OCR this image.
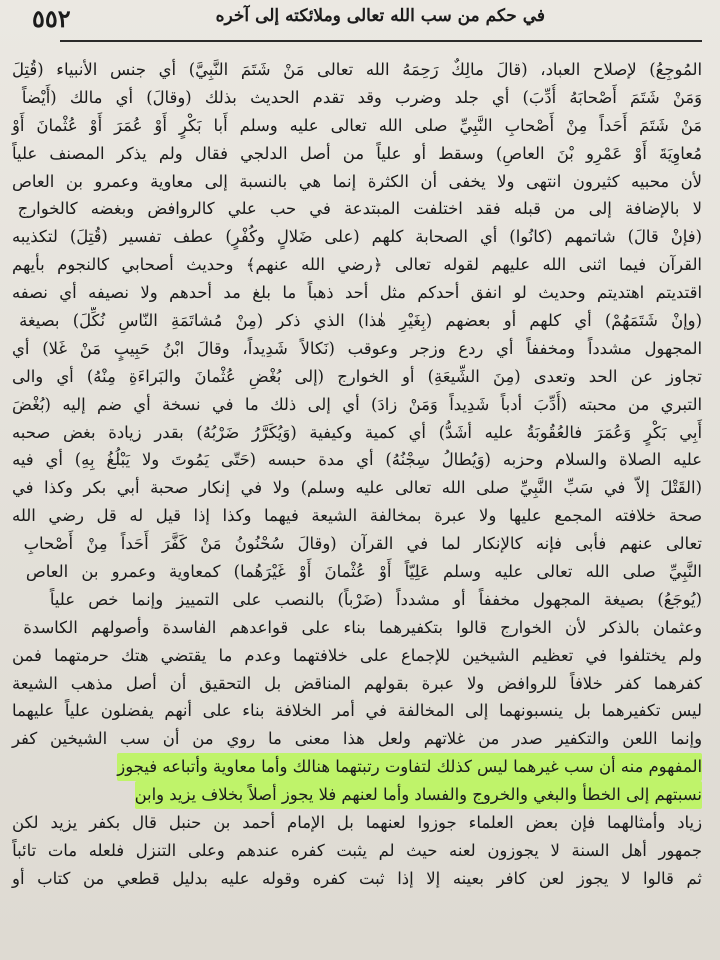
في حكم من سب الله تعالى وملائكته إلى آخره
٥٥٢
المُوجِعُ) لإصلاح العباد، (قالَ مالِكٌ رَحِمَهُ الله تعالى مَنْ شَتَمَ النَّبِيَّ) أي جنس الأنبياء (قُتِلَ
وَمَنْ شَتَمَ أَصْحابَهُ أُدِّبَ) أي جلد وضرب وقد تقدم الحديث بذلك (وقالَ) أي مالك (أَيْضاً
مَنْ شَتَمَ أَحَداً مِنْ أَصْحابِ النَّبِيِّ صلى الله تعالى عليه وسلم أَبا بَكْرٍ أَوْ عُمَرَ أَوْ عُثْمانَ أَوْ
مُعاوِيَةَ أَوْ عَمْرِو بْنَ العاصِ) وسقط أو علياً من أصل الدلجي فقال ولم يذكر المصنف علياً
لأن محبيه كثيرون انتهى ولا يخفى أن الكثرة إنما هي بالنسبة إلى معاوية وعمرو بن العاص
لا بالإضافة إلى من قبله فقد اختلفت المبتدعة في حب علي كالروافض وبغضه كالخوارج
(فإنْ قالَ) شاتمهم (كانُوا) أي الصحابة كلهم (على ضَلالٍ وكُفْرٍ) عطف تفسير (قُتِلَ) لتكذيبه
القرآن فيما اثنى الله عليهم لقوله تعالى ﴿رضي الله عنهم﴾ وحديث أصحابي كالنجوم بأيهم
اقتديتم اهتديتم وحديث لو انفق أحدكم مثل أحد ذهباً ما بلغ مد أحدهم ولا نصيفه أي نصفه
(وإنْ شَتَمَهُمْ) أي كلهم أو بعضهم (بِغَيْرِ هٰذا) الذي ذكر (مِنْ مُشاتَمَةِ النّاسِ نُكِّلَ) بصيغة
المجهول مشدداً ومخففاً أي ردع وزجر وعوقب (نَكالاً شَدِيداً، وقالَ ابْنُ حَبِيبٍ مَنْ غَلا) أي
تجاوز عن الحد وتعدى (مِنَ الشِّيعَةِ) أو الخوارج (إلى بُغْضِ عُثْمانَ والبَراءَةِ مِنْهُ) أي والى
التبري من محبته (أُدِّبَ أدباً شَدِيداً وَمَنْ زادَ) أي إلى ذلك ما في نسخة أي ضم إليه (بُغْضَ
أَبِي بَكْرٍ وَعُمَرَ فالعُقُوبَةُ عليه أشَدُّ) أي كمية وكيفية (وَيُكَرَّرُ ضَرْبُهُ) بقدر زيادة بغض صحبه
عليه الصلاة والسلام وحزبه (وَيُطالُ سِجْنُهُ) أي مدة حبسه (حَتّى يَمُوتَ ولا يَبْلُغُ بِهِ) أي فيه
(القَتْلَ إلاّ في سَبِّ النَّبِيِّ صلى الله تعالى عليه وسلم) ولا في إنكار صحبة أبي بكر وكذا في
صحة خلافته المجمع عليها ولا عبرة بمخالفة الشيعة فيهما وكذا إذا قيل له قل رضي الله
تعالى عنهم فأبى فإنه كالإنكار لما في القرآن (وقالَ سُحْنُونُ مَنْ كَفَّرَ أَحَداً مِنْ أَصْحابِ
النَّبِيِّ صلى الله تعالى عليه وسلم عَلِيّاً أَوْ عُثْمانَ أَوْ غَيْرَهُما) كمعاوية وعمرو بن العاص
(يُوجَعُ) بصيغة المجهول مخففاً أو مشدداً (ضَرْباً) بالنصب على التمييز وإنما خص علياً
وعثمان بالذكر لأن الخوارج قالوا بتكفيرهما بناء على قواعدهم الفاسدة وأصولهم الكاسدة
ولم يختلفوا في تعظيم الشيخين للإجماع على خلافتهما وعدم ما يقتضي هتك حرمتهما فمن
كفرهما كفر خلافاً للروافض ولا عبرة بقولهم المناقض بل التحقيق أن أصل مذهب الشيعة
ليس تكفيرهما بل ينسبونهما إلى المخالفة في أمر الخلافة بناء على أنهم يفضلون علياً عليهما
وإنما اللعن والتكفير صدر من غلاتهم ولعل هذا معنى ما روي من أن سب الشيخين كفر
المفهوم منه أن سب غيرهما ليس كذلك لتفاوت رتبتهما هنالك وأما معاوية وأتباعه فيجوز
نسبتهم إلى الخطأ والبغي والخروج والفساد وأما لعنهم فلا يجوز أصلاً بخلاف يزيد وابن
زياد وأمثالهما فإن بعض العلماء جوزوا لعنهما بل الإمام أحمد بن حنبل قال بكفر يزيد لكن
جمهور أهل السنة لا يجوزون لعنه حيث لم يثبت كفره عندهم وعلى التنزل فلعله مات تائباً
ثم قالوا لا يجوز لعن كافر بعينه إلا إذا ثبت كفره وقوله عليه بدليل قطعي من كتاب أو
